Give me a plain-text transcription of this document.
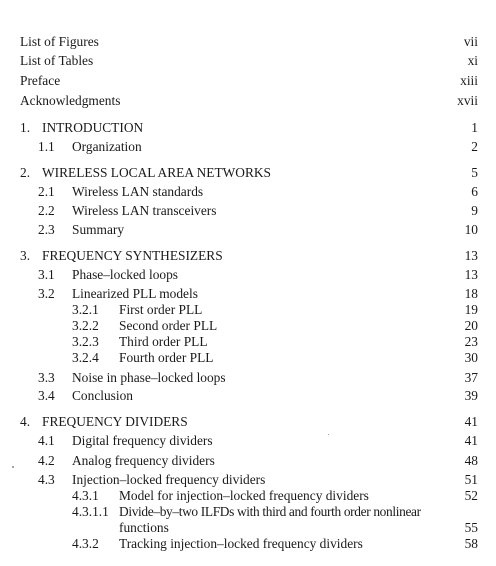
List of Figures	vii
List of Tables	xi
Preface	xiii
Acknowledgments	xvii
1. INTRODUCTION	1
1.1 Organization	2
2. WIRELESS LOCAL AREA NETWORKS	5
2.1 Wireless LAN standards	6
2.2 Wireless LAN transceivers	9
2.3 Summary	10
3. FREQUENCY SYNTHESIZERS	13
3.1 Phase–locked loops	13
3.2 Linearized PLL models	18
3.2.1 First order PLL	19
3.2.2 Second order PLL	20
3.2.3 Third order PLL	23
3.2.4 Fourth order PLL	30
3.3 Noise in phase–locked loops	37
3.4 Conclusion	39
4. FREQUENCY DIVIDERS	41
4.1 Digital frequency dividers	41
4.2 Analog frequency dividers	48
4.3 Injection–locked frequency dividers	51
4.3.1 Model for injection–locked frequency dividers	52
4.3.1.1 Divide–by–two ILFDs with third and fourth order nonlinear
functions	55
4.3.2 Tracking injection–locked frequency dividers	58
